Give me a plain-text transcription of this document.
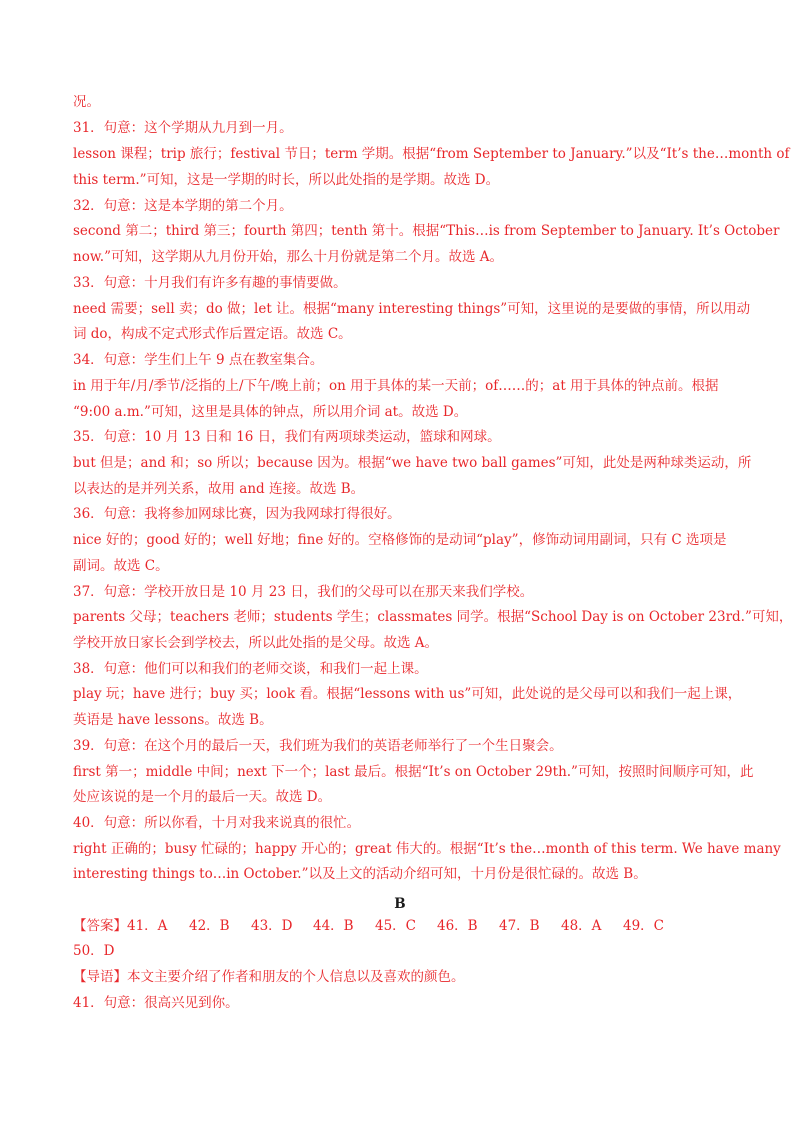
况。
31．句意：这个学期从九月到一月。
lesson 课程；trip 旅行；festival 节日；term 学期。根据“from September to January.”以及“It’s the…month of
this term.”可知，这是一学期的时长，所以此处指的是学期。故选 D。
32．句意：这是本学期的第二个月。
second 第二；third 第三；fourth 第四；tenth 第十。根据“This…is from September to January. It’s October
now.”可知，这学期从九月份开始，那么十月份就是第二个月。故选 A。
33．句意：十月我们有许多有趣的事情要做。
need 需要；sell 卖；do 做；let 让。根据“many interesting things”可知，这里说的是要做的事情，所以用动
词 do，构成不定式形式作后置定语。故选 C。
34．句意：学生们上午 9 点在教室集合。
in 用于年/月/季节/泛指的上/下午/晚上前；on 用于具体的某一天前；of……的；at 用于具体的钟点前。根据
“9:00 a.m.”可知，这里是具体的钟点，所以用介词 at。故选 D。
35．句意：10 月 13 日和 16 日，我们有两项球类运动，篮球和网球。
but 但是；and 和；so 所以；because 因为。根据“we have two ball games”可知，此处是两种球类运动，所
以表达的是并列关系，故用 and 连接。故选 B。
36．句意：我将参加网球比赛，因为我网球打得很好。
nice 好的；good 好的；well 好地；fine 好的。空格修饰的是动词“play”，修饰动词用副词，只有 C 选项是
副词。故选 C。
37．句意：学校开放日是 10 月 23 日，我们的父母可以在那天来我们学校。
parents 父母；teachers 老师；students 学生；classmates 同学。根据“School Day is on October 23rd.”可知，
学校开放日家长会到学校去，所以此处指的是父母。故选 A。
38．句意：他们可以和我们的老师交谈，和我们一起上课。
play 玩；have 进行；buy 买；look 看。根据“lessons with us”可知，此处说的是父母可以和我们一起上课，
英语是 have lessons。故选 B。
39．句意：在这个月的最后一天，我们班为我们的英语老师举行了一个生日聚会。
first 第一；middle 中间；next 下一个；last 最后。根据“It’s on October 29th.”可知，按照时间顺序可知，此
处应该说的是一个月的最后一天。故选 D。
40．句意：所以你看，十月对我来说真的很忙。
right 正确的；busy 忙碌的；happy 开心的；great 伟大的。根据“It’s the…month of this term. We have many
interesting things to…in October.”以及上文的活动介绍可知，十月份是很忙碌的。故选 B。
B
【答案】41．A 42．B 43．D 44．B 45．C 46．B 47．B 48．A 49．C
50．D
【导语】本文主要介绍了作者和朋友的个人信息以及喜欢的颜色。
41．句意：很高兴见到你。
